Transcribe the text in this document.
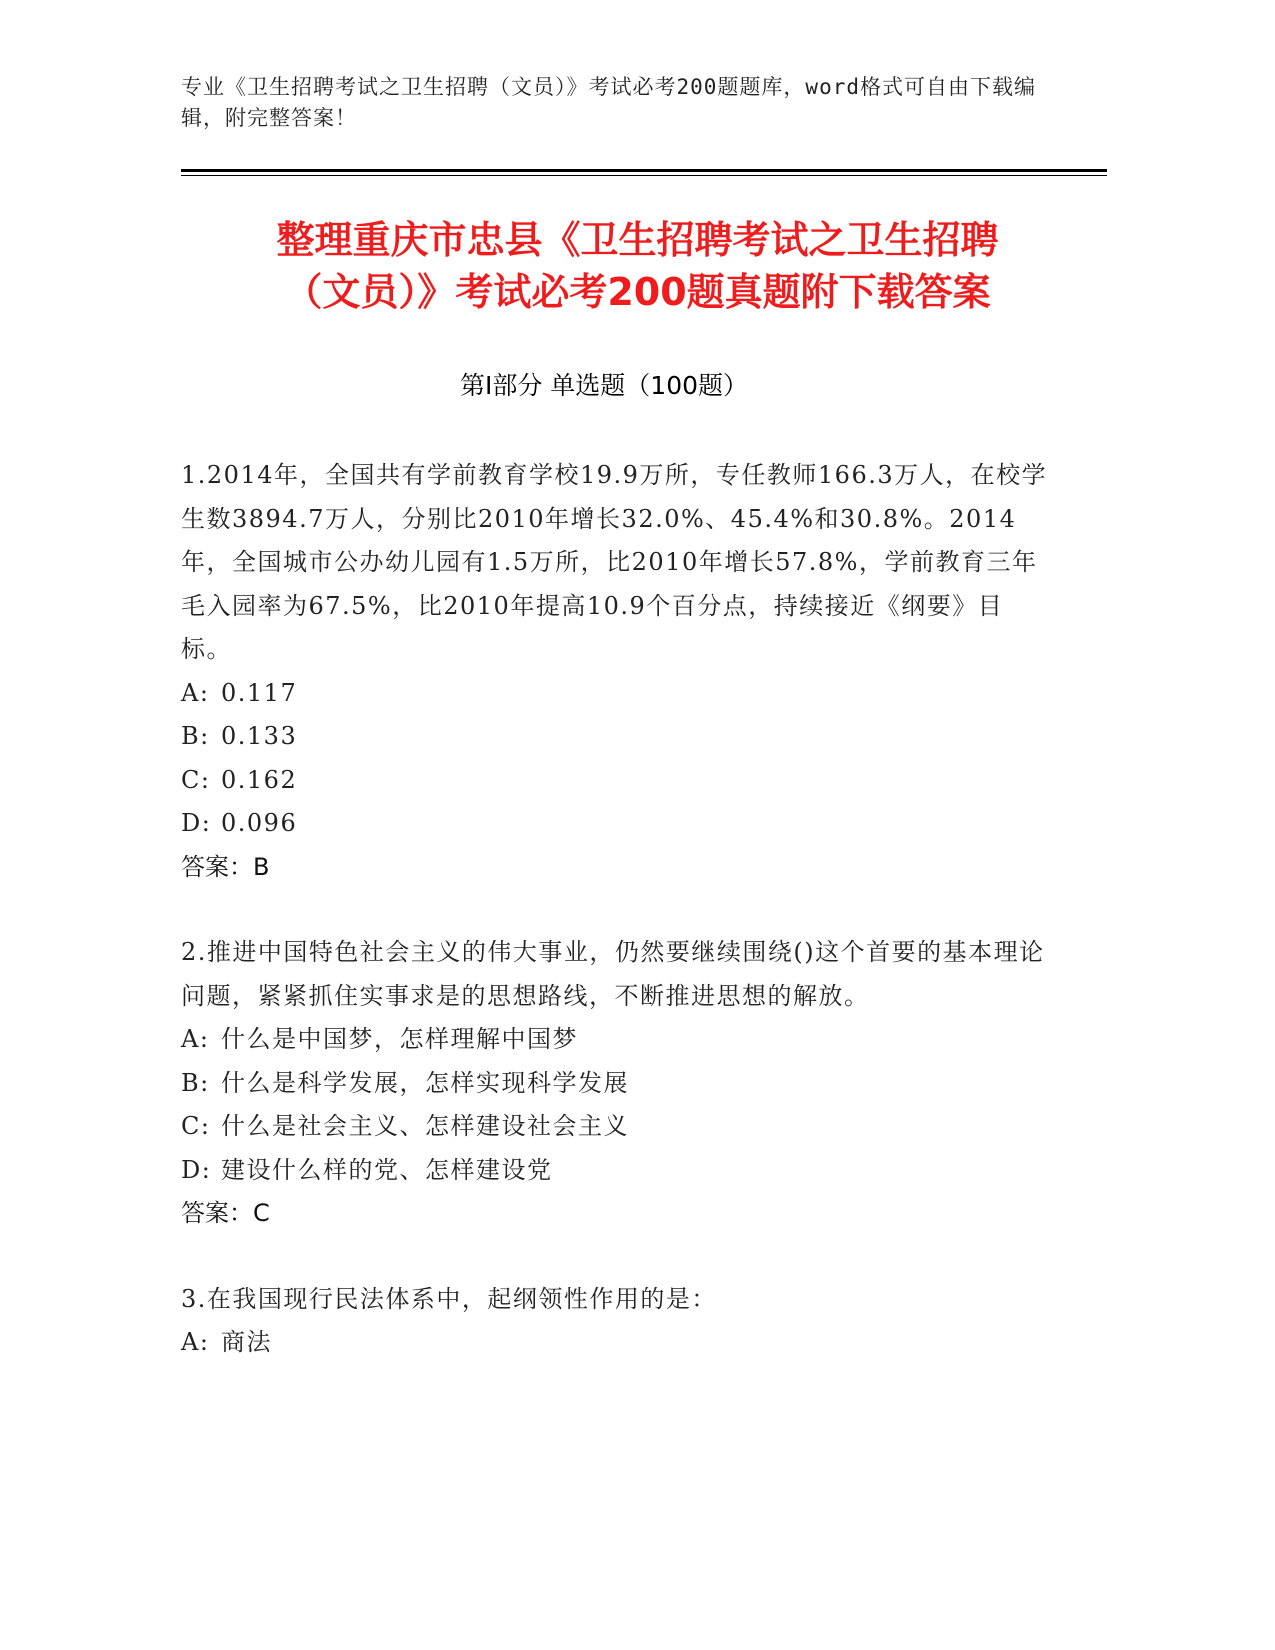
专业《卫生招聘考试之卫生招聘（文员）》考试必考200题题库，word格式可自由下载编辑，附完整答案！
整理重庆市忠县《卫生招聘考试之卫生招聘
（文员）》考试必考200题真题附下载答案
第Ⅰ部分 单选题（100题）

1.2014年，全国共有学前教育学校19.9万所，专任教师166.3万人，在校学生数3894.7万人，分别比2010年增长32.0%、45.4%和30.8%。2014年，全国城市公办幼儿园有1.5万所，比2010年增长57.8%，学前教育三年毛入园率为67.5%，比2010年提高10.9个百分点，持续接近《纲要》目标。

A: 0.117

B: 0.133

C: 0.162

D: 0.096

答案：B

2.推进中国特色社会主义的伟大事业，仍然要继续围绕()这个首要的基本理论问题，紧紧抓住实事求是的思想路线，不断推进思想的解放。

A: 什么是中国梦，怎样理解中国梦

B: 什么是科学发展，怎样实现科学发展

C: 什么是社会主义、怎样建设社会主义

D: 建设什么样的党、怎样建设党

答案：C

3.在我国现行民法体系中，起纲领性作用的是：

A: 商法
